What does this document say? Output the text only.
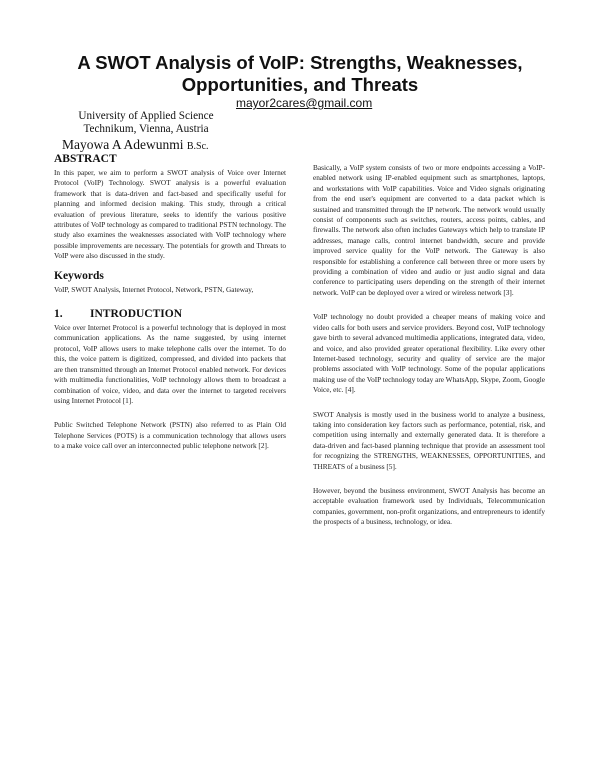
A SWOT Analysis of VoIP: Strengths, Weaknesses, Opportunities, and Threats
mayor2cares@gmail.com
University of Applied Science
Technikum, Vienna, Austria
Mayowa A Adewunmi B.Sc.
ABSTRACT

In this paper, we aim to perform a SWOT analysis of Voice over Internet Protocol (VoIP) Technology. SWOT analysis is a powerful evaluation framework that is data-driven and fact-based and specifically useful for planning and informed decision making. This study, through a critical evaluation of previous literature, seeks to identify the various positive attributes of VoIP technology as compared to traditional PSTN technology. The study also examines the weaknesses associated with VoIP technology where possible improvements are necessary. The potentials for growth and Threats to VoIP were also discussed in the study.

Keywords

VoIP, SWOT Analysis, Internet Protocol, Network, PSTN, Gateway,

1. INTRODUCTION

Voice over Internet Protocol is a powerful technology that is deployed in most communication applications. As the name suggested, by using internet protocol, VoIP allows users to make telephone calls over the internet. To do this, the voice pattern is digitized, compressed, and divided into packets that are then transmitted through an Internet Protocol enabled network. For devices with multimedia functionalities, VoIP technology allows them to broadcast a combination of voice, video, and data over the internet to targeted receivers using Internet Protocol [1].

Public Switched Telephone Network (PSTN) also referred to as Plain Old Telephone Services (POTS) is a communication technology that allows users to a make voice call over an interconnected public telephone network [2].

Basically, a VoIP system consists of two or more endpoints accessing a VoIP-enabled network using IP-enabled equipment such as smartphones, laptops, and workstations with VoIP capabilities. Voice and Video signals originating from the end user's equipment are converted to a data packet which is sustained and transmitted through the IP network. The network would usually consist of components such as switches, routers, access points, cables, and firewalls. The network also often includes Gateways which help to translate IP addresses, manage calls, control internet bandwidth, secure and provide improved service quality for the VoIP network. The Gateway is also responsible for establishing a conference call between three or more users by providing a combination of video and audio or just audio signal and data conference to participating users depending on the strength of their internet network. VoIP can be deployed over a wired or wireless network [3].

VoIP technology no doubt provided a cheaper means of making voice and video calls for both users and service providers. Beyond cost, VoIP technology gave birth to several advanced multimedia applications, integrated data, video, and voice, and also provided greater operational flexibility. Like every other Internet-based technology, security and quality of service are the major problems associated with VoIP technology. Some of the popular applications making use of the VoIP technology today are WhatsApp, Skype, Zoom, Google Voice, etc. [4].

SWOT Analysis is mostly used in the business world to analyze a business, taking into consideration key factors such as performance, potential, risk, and competition using internally and externally generated data. It is therefore a data-driven and fact-based planning technique that provide an assessment tool for recognizing the STRENGTHS, WEAKNESSES, OPPORTUNITIES, and THREATS of a business [5].

However, beyond the business environment, SWOT Analysis has become an acceptable evaluation framework used by Individuals, Telecommunication companies, government, non-profit organizations, and entrepreneurs to identify the prospects of a business, technology, or idea.
